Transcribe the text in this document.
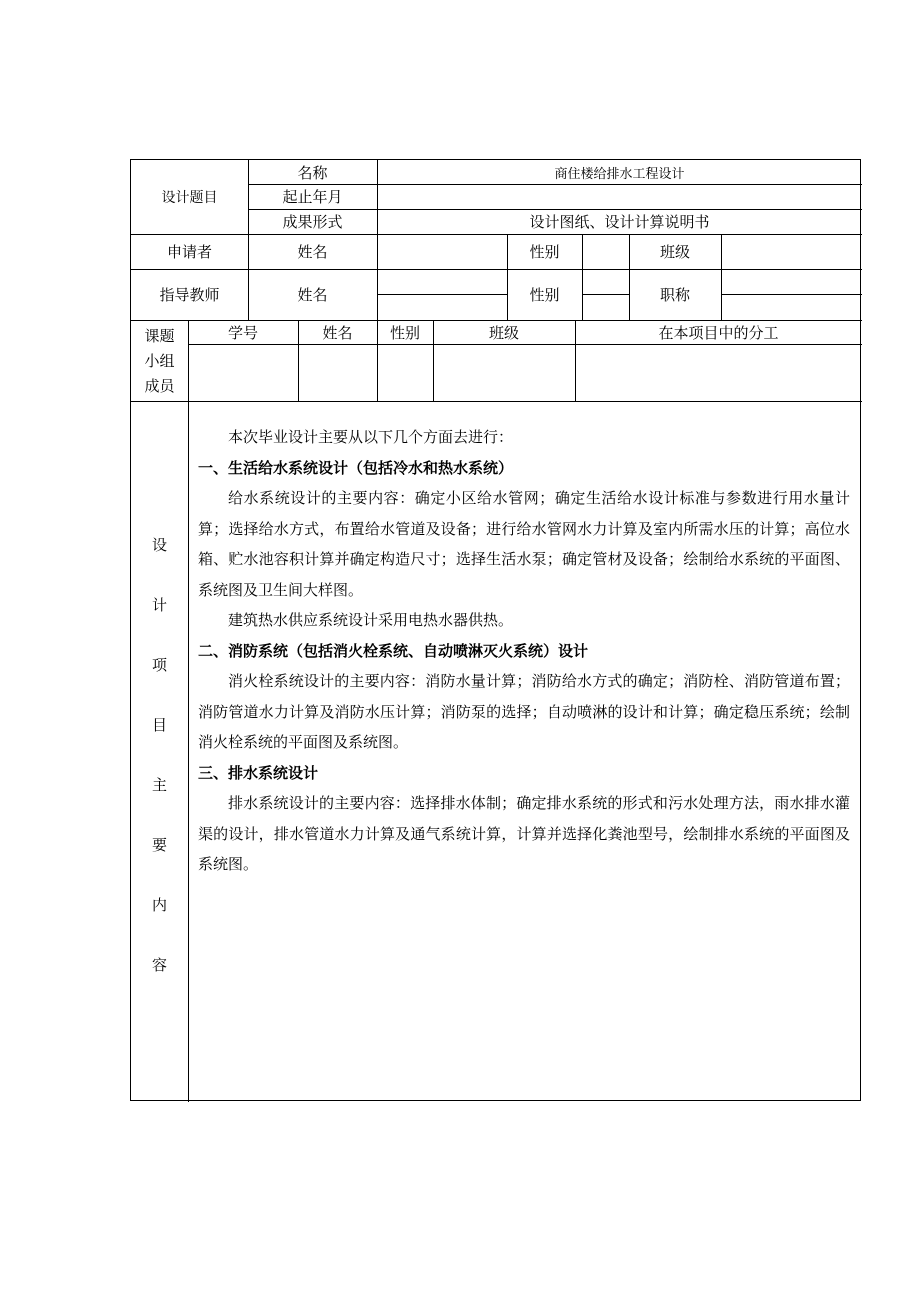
设计题目
名称	商住楼给排水工程设计
起止年月
成果形式	设计图纸、设计计算说明书
申请者	姓名	性别	班级
指导教师	姓名	性别	职称
课题
小组
成员
学号	姓名	性别	班级	在本项目中的分工
设
计
项
目
主
要
内
容

本次毕业设计主要从以下几个方面去进行：

一、生活给水系统设计（包括冷水和热水系统）

给水系统设计的主要内容：确定小区给水管网；确定生活给水设计标准与参数进行用水量计算；选择给水方式，布置给水管道及设备；进行给水管网水力计算及室内所需水压的计算；高位水箱、贮水池容积计算并确定构造尺寸；选择生活水泵；确定管材及设备；绘制给水系统的平面图、系统图及卫生间大样图。

建筑热水供应系统设计采用电热水器供热。

二、消防系统（包括消火栓系统、自动喷淋灭火系统）设计

消火栓系统设计的主要内容：消防水量计算；消防给水方式的确定；消防栓、消防管道布置；消防管道水力计算及消防水压计算；消防泵的选择；自动喷淋的设计和计算；确定稳压系统；绘制消火栓系统的平面图及系统图。

三、排水系统设计

排水系统设计的主要内容：选择排水体制；确定排水系统的形式和污水处理方法，雨水排水灌渠的设计，排水管道水力计算及通气系统计算，计算并选择化粪池型号，绘制排水系统的平面图及系统图。
